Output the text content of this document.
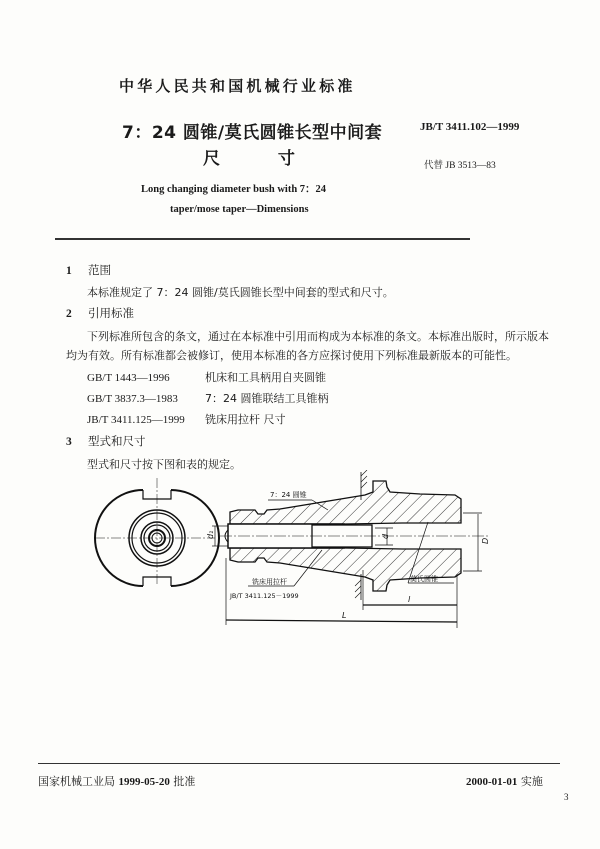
中华人民共和国机械行业标准
7：24 圆锥/莫氏圆锥长型中间套
尺	寸
JB/T 3411.102—1999
代替 JB 3513—83
Long changing diameter bush with 7：24
taper/mose taper—Dimensions
1 范围
本标准规定了 7：24 圆锥/莫氏圆锥长型中间套的型式和尺寸。
2 引用标准
下列标准所包含的条文，通过在本标准中引用而构成为本标准的条文。本标准出版时，所示版本
均为有效。所有标准都会被修订，使用本标准的各方应探讨使用下列标准最新版本的可能性。
GB/T 1443—1996	机床和工具柄用自夹圆锥
GB/T 3837.3—1983 7：24 圆锥联结工具锥柄
JB/T 3411.125—1999 铣床用拉杆 尺寸
3 型式和尺寸
型式和尺寸按下图和表的规定。
7：24 圆锥
莫氏圆锥
铣床用拉杆
JB/T 3411.125－1999
d₁	d
D
l
L
国家机械工业局 1999-05-20 批准	2000-01-01 实施
3
